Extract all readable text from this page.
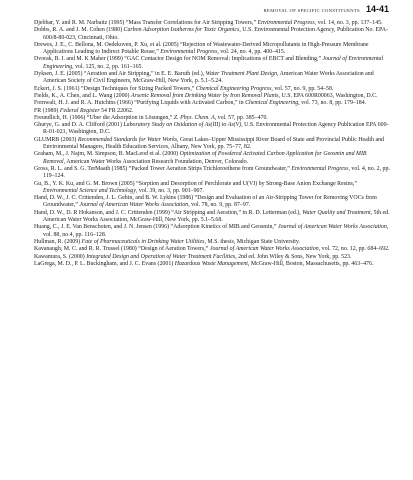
REMOVAL OF SPECIFIC CONSTITUENTS 14-41

Djebbar, Y. and R. M. Narbaitz (1995) “Mass Transfer Correlations for Air Stripping Towers,” Environmental Progress, vol. 14, no. 3, pp. 137–145.

Dobbs, R. A. and J. M. Cohen (1980) Carbon Adsorption Isotherms for Toxic Organics, U.S. Environmental Protection Agency, Publication No. EPA-600/8-80-023, Cincinnati, Ohio.

Drewes, J. E., C. Bellona, M. Oedekoven, P. Xu, et al. (2005) “Rejection of Wastewater-Derived Micropollutants in High-Pressure Membrane Applications Leading to Indirect Potable Reuse,” Environmental Progress, vol. 24, no. 4, pp. 400–415.

Dvorak, B. I. and M. K Maher (1999) “GAC Contactor Design for NOM Removal: Implications of EBCT and Blending,” Journal of Environmental Engineering, vol. 125, no. 2, pp. 161–165.

Dyksen, J. E. (2005) “Aeration and Air Stripping,” in E. E. Baruth (ed.), Water Treatment Plant Design, American Water Works Association and American Society of Civil Engineers, McGraw-Hill, New York, p. 5.1–5.24.

Eckert, J. S. (1961) “Design Techniques for Sizing Packed Towers,” Chemical Engineering Progress, vol. 57, no. 9, pp. 54–58.

Fields, K., A. Chen, and L. Wang (2000) Arsenic Removal from Drinking Water by Iron Removal Plants, U.S. EPA 600R00063, Washington, D.C.

Fornwalt, H. J. and R. A. Hutchins (1966) “Purifying Liquids with Activated Carbon,” in Chemical Engineering, vol. 73, no. 8, pp. 179–184.

FR (1989) Federal Register 54 FR 22062.

Freundlich, H. (1906) “Uber die Adsorption in Lösungen,” Z. Phys. Chem. A, vol. 57, pp. 385–470.

Ghurye, G. and D. A. Clifford (2001) Laboratory Study on Oxidation of As(III) to As(V), U.S. Environmental Protection Agency Publication EPA 600-R-01-021, Washington, D.C.

GLUMRB (2003) Recommended Standards for Water Works, Great Lakes–Upper Mississippi River Board of State and Provincial Public Health and Environmental Managers, Health Education Services, Albany, New York, pp. 75–77, 82.

Graham, M., J. Najm, M. Simpson, B. MacLeod et al. (2000) Optimization of Powdered Activated Carbon Application for Geosmin and MIB Removal, American Water Works Association Research Foundation, Denver, Colorado.

Gross, R. L. and S. G. TerMaath (1985) “Packed Tower Aeration Strips Trichloroethene from Groundwater,” Environmental Progress, vol. 4, no. 2, pp. 119–124.

Gu, B., Y. K. Ku, and G. M. Brown (2005) “Sorption and Desorption of Perchlorate and U(VI) by Strong-Base Anion Exchange Resins,” Environmental Science and Technology, vol. 39, no. 3, pp. 901–907.

Hand, D. W., J. C. Crittenden, J. L. Gehin, and B. W. Lykins (1986) “Design and Evaluation of an Air-Stripping Tower for Removing VOCs from Groundwater,” Journal of American Water Works Association, vol. 78, no. 9, pp. 87–97.

Hand, D. W., D. R Hokanson, and J. C. Crittenden (1999) “Air Stripping and Aeration,” in R. D. Letterman (ed.), Water Quality and Treatment, 5th ed. American Water Works Association, McGraw-Hill, New York, pp. 5.1–5.68.

Huang, C., J. E. Van Benschoten, and J. N. Jensen (1996) “Adsorption Kinetics of MIB and Geosmin,” Journal of American Water Works Association, vol. 88, no.4, pp. 116–128.

Hullman, R. (2009) Fate of Pharmaceuticals in Drinking Water Utilities, M.S. thesis, Michigan State University.

Kavanaugh, M. C. and R. R. Trussel (1980) “Design of Aeration Towers,” Journal of American Water Works Association, vol. 72, no. 12, pp. 684–692.

Kawamura, S. (2000) Integrated Design and Operation of Water Treatment Facilities, 2nd ed. John Wiley & Sons, New York, pp. 523.

LaGrega, M. D., P. L. Buckingham, and J. C. Evans (2001) Hazardous Waste Management, McGraw-Hill, Boston, Massachusetts, pp. 463–476.
